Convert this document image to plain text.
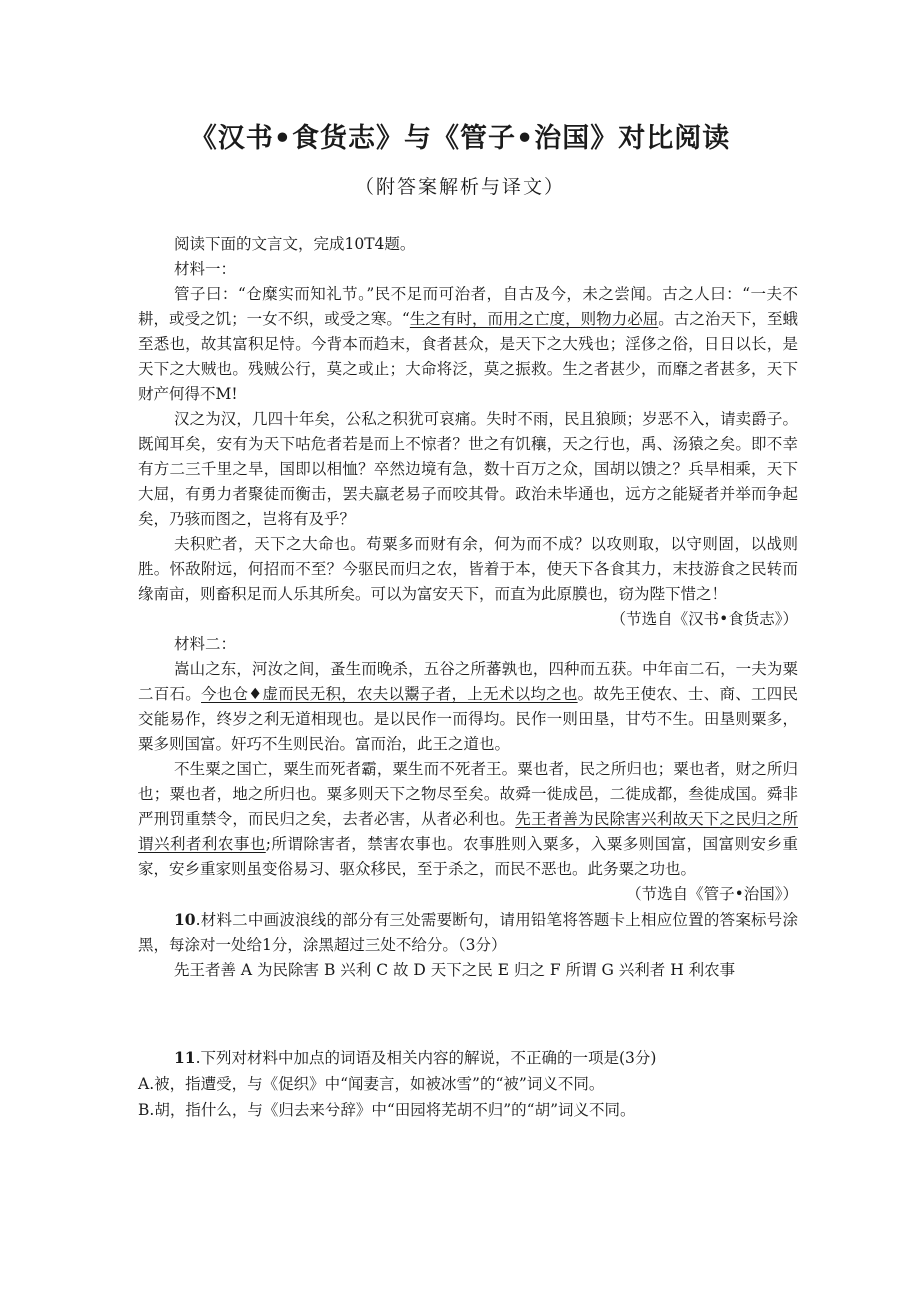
《汉书•食货志》与《管子•治国》对比阅读
（附答案解析与译文）

阅读下面的文言文，完成10T4题。

材料一：

管子曰：“仓糜实而知礼节。”民不足而可治者，自古及今，未之尝闻。古之人曰：“一夫不耕，或受之饥；一女不织，或受之寒。“生之有时，而用之亡度，则物力必屈。古之治天下，至蛾至悉也，故其富积足恃。今背本而趋末，食者甚众，是天下之大残也；淫侈之俗，日日以长，是天下之大贼也。残贼公行，莫之或止；大命将泛，莫之振救。生之者甚少，而靡之者甚多，天下财产何得不M!

汉之为汉，几四十年矣，公私之积犹可哀痛。失时不雨，民且狼顾；岁恶不入，请卖爵子。既闻耳矣，安有为天下咕危者若是而上不惊者？世之有饥穰，天之行也，禹、汤猿之矣。即不幸有方二三千里之旱，国即以相恤？卒然边境有急，数十百万之众，国胡以馈之？兵旱相乘，天下大屈，有勇力者聚徒而衡击，罢夫羸老易子而咬其骨。政治未毕通也，远方之能疑者并举而争起矣，乃骇而图之，岂将有及乎？

夫积贮者，天下之大命也。苟粟多而财有余，何为而不成？以攻则取，以守则固，以战则胜。怀敌附远，何招而不至？今驱民而归之农，皆着于本，使天下各食其力，末技游食之民转而缘南亩，则畜积足而人乐其所矣。可以为富安天下，而直为此原膜也，窃为陛下惜之！

（节选自《汉书•食货志》）

材料二：

嵩山之东，河汝之间，蚤生而晚杀，五谷之所蕃孰也，四种而五获。中年亩二石，一夫为粟二百石。今也仓♦虚而民无积，农夫以鬻子者，上无术以均之也。故先王使农、士、商、工四民交能易作，终岁之利无道相现也。是以民作一而得均。民作一则田垦，甘芍不生。田垦则粟多，粟多则国富。奸巧不生则民治。富而治，此王之道也。

不生粟之国亡，粟生而死者霸，粟生而不死者王。粟也者，民之所归也；粟也者，财之所归也；粟也者，地之所归也。粟多则天下之物尽至矣。故舜一徙成邑，二徙成都，叁徙成国。舜非严刑罚重禁令，而民归之矣，去者必害，从者必利也。先王者善为民除害兴利故天下之民归之所谓兴利者利农事也;所谓除害者，禁害农事也。农事胜则入粟多，入粟多则国富，国富则安乡重家，安乡重家则虽变俗易习、驱众移民，至于杀之，而民不恶也。此务粟之功也。

（节选自《管子•治国》）

10.材料二中画波浪线的部分有三处需要断句，请用铅笔将答题卡上相应位置的答案标号涂黑，每涂对一处给1分，涂黑超过三处不给分。（3分）

先王者善 A 为民除害 B 兴利 C 故 D 天下之民 E 归之 F 所谓 G 兴利者 H 利农事

11.下列对材料中加点的词语及相关内容的解说，不正确的一项是(3分)

A.被，指遭受，与《促织》中“闻妻言，如被冰雪”的“被”词义不同。

B.胡，指什么，与《归去来兮辞》中“田园将芜胡不归”的“胡”词义不同。
